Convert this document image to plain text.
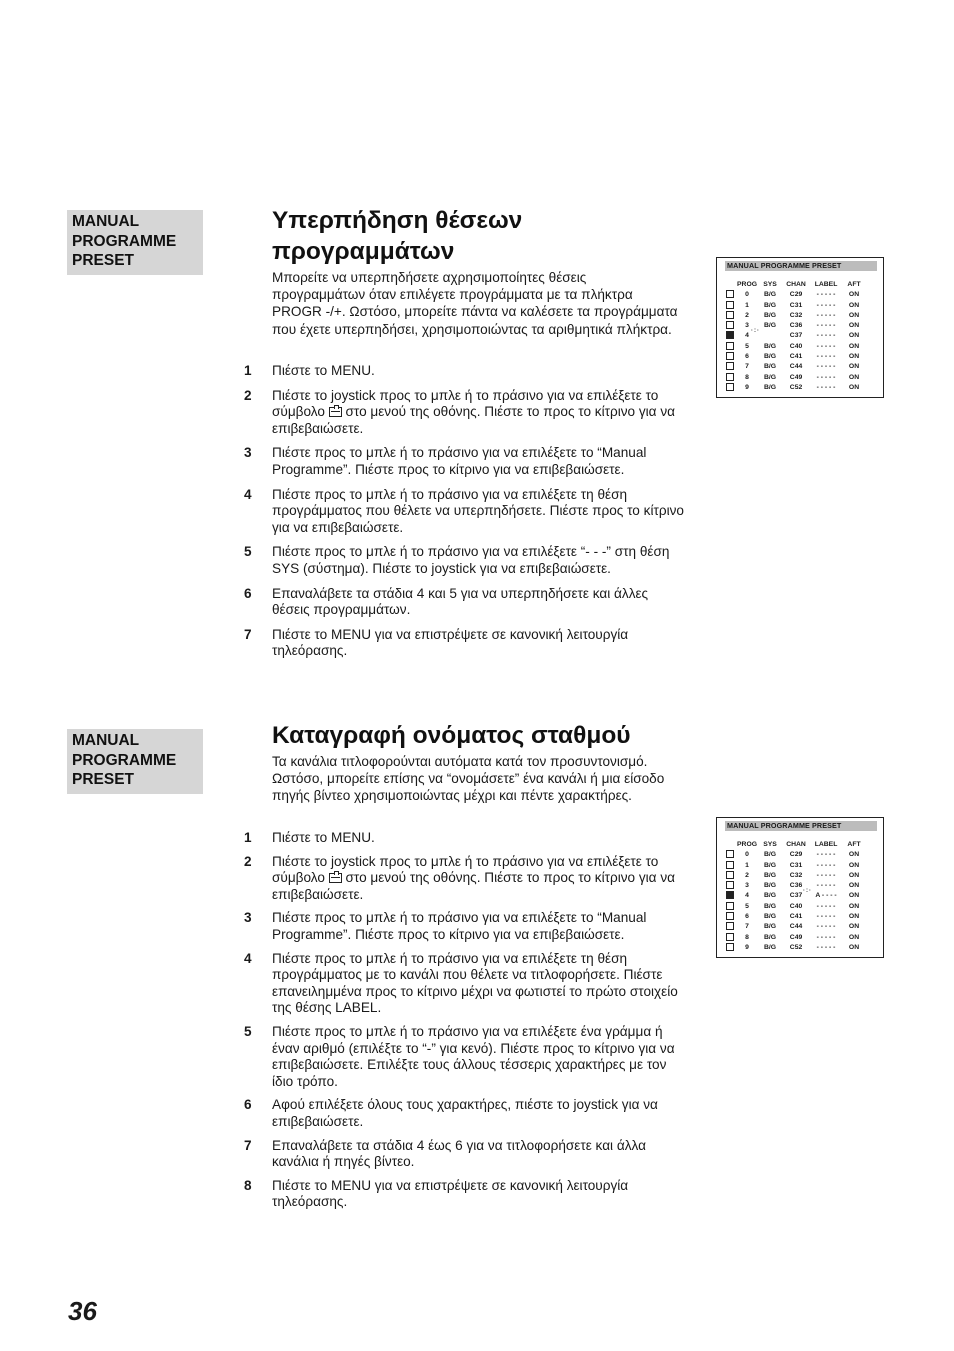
MANUAL
PROGRAMME
PRESET
Υπερπήδηση θέσεων
προγραμμάτων

Μπορείτε να υπερπηδήσετε αχρησιμοποίητες θέσεις προγραμμάτων όταν επιλέγετε προγράμματα με τα πλήκτρα PROGR -/+. Ωστόσο, μπορείτε πάντα να καλέσετε τα προγράμματα που έχετε υπερπηδήσει, χρησιμοποιώντας τα αριθμητικά πλήκτρα.

1	Πιέστε το MENU.
2	Πιέστε το joystick προς το μπλε ή το πράσινο για να επιλέξετε το σύμβολο στο μενού της οθόνης. Πιέστε το προς το κίτρινο για να επιβεβαιώσετε.
3	Πιέστε προς το μπλε ή το πράσινο για να επιλέξετε το “Manual Programme”. Πιέστε προς το κίτρινο για να επιβεβαιώσετε.
4	Πιέστε προς το μπλε ή το πράσινο για να επιλέξετε τη θέση προγράμματος που θέλετε να υπερπηδήσετε. Πιέστε προς το κίτρινο για να επιβεβαιώσετε.
5	Πιέστε προς το μπλε ή το πράσινο για να επιλέξετε “- - -” στη θέση SYS (σύστημα). Πιέστε το joystick για να επιβεβαιώσετε.
6	Επαναλάβετε τα στάδια 4 και 5 για να υπερπηδήσετε και άλλες θέσεις προγραμμάτων.
7	Πιέστε το MENU για να επιστρέψετε σε κανονική λειτουργία τηλεόρασης.
MANUAL PROGRAMME PRESET
	PROG	SYS	CHAN	LABEL	AFT
	0	B/G	C29	- - - - -	ON
	1	B/G	C31	- - - - -	ON
	2	B/G	C32	- - - - -	ON
	3	B/G	C36	- - - - -	ON
	4	·:·	C37	- - - - -	ON
	5	B/G	C40	- - - - -	ON
	6	B/G	C41	- - - - -	ON
	7	B/G	C44	- - - - -	ON
	8	B/G	C49	- - - - -	ON
	9	B/G	C52	- - - - -	ON
MANUAL
PROGRAMME
PRESET
Καταγραφή ονόματος σταθμού

Τα κανάλια τιτλοφορούνται αυτόματα κατά τον προσυντονισμό. Ωστόσο, μπορείτε επίσης να “ονομάσετε” ένα κανάλι ή μια είσοδο πηγής βίντεο χρησιμοποιώντας μέχρι και πέντε χαρακτήρες.

1	Πιέστε το MENU.
2	Πιέστε το joystick προς το μπλε ή το πράσινο για να επιλέξετε το σύμβολο στο μενού της οθόνης. Πιέστε το προς το κίτρινο για να επιβεβαιώσετε.
3	Πιέστε προς το μπλε ή το πράσινο για να επιλέξετε το “Manual Programme”. Πιέστε προς το κίτρινο για να επιβεβαιώσετε.
4	Πιέστε προς το μπλε ή το πράσινο για να επιλέξετε τη θέση προγράμματος με το κανάλι που θέλετε να τιτλοφορήσετε. Πιέστε επανειλημμένα προς το κίτρινο μέχρι να φωτιστεί το πρώτο στοιχείο της θέσης LABEL.
5	Πιέστε προς το μπλε ή το πράσινο για να επιλέξετε ένα γράμμα ή έναν αριθμό (επιλέξτε το “-” για κενό). Πιέστε προς το κίτρινο για να επιβεβαιώσετε. Επιλέξτε τους άλλους τέσσερις χαρακτήρες με τον ίδιο τρόπο.
6	Αφού επιλέξετε όλους τους χαρακτήρες, πιέστε το joystick για να επιβεβαιώσετε.
7	Επαναλάβετε τα στάδια 4 έως 6 για να τιτλοφορήσετε και άλλα κανάλια ή πηγές βίντεο.
8	Πιέστε το MENU για να επιστρέψετε σε κανονική λειτουργία τηλεόρασης.
MANUAL PROGRAMME PRESET
	PROG	SYS	CHAN	LABEL	AFT
	0	B/G	C29	- - - - -	ON
	1	B/G	C31	- - - - -	ON
	2	B/G	C32	- - - - -	ON
	3	B/G	C36	- - - - -	ON
	4	B/G	C37	·:· A - - - -	ON
	5	B/G	C40	- - - - -	ON
	6	B/G	C41	- - - - -	ON
	7	B/G	C44	- - - - -	ON
	8	B/G	C49	- - - - -	ON
	9	B/G	C52	- - - - -	ON

36
